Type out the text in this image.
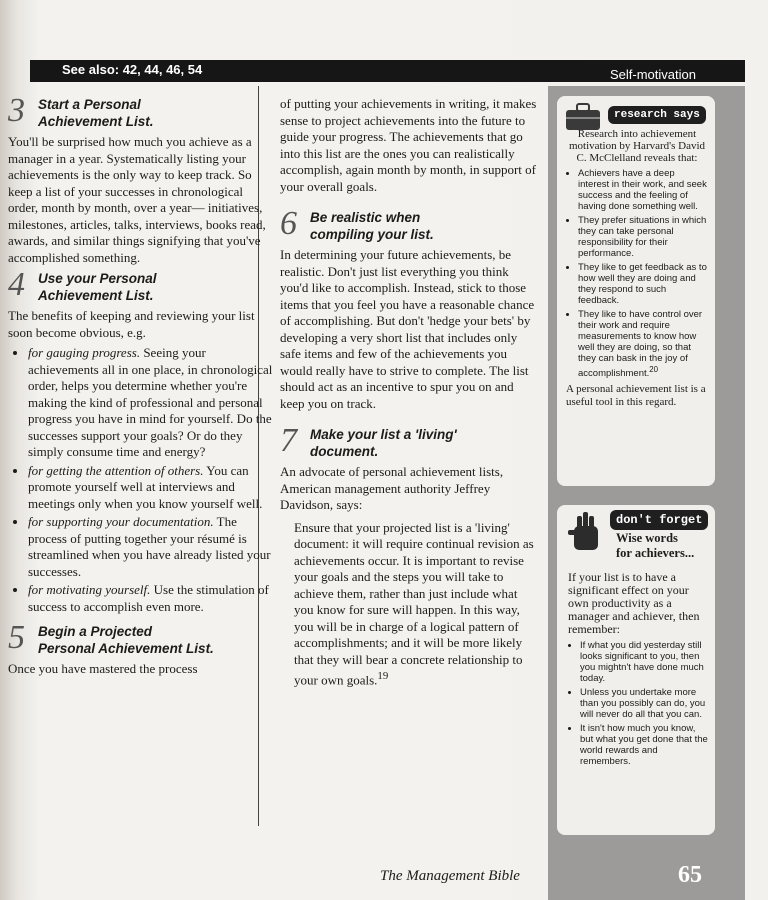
See also: 42, 44, 46, 54	Self-motivation
3 Start a Personal
Achievement List.

You'll be surprised how much you achieve as a manager in a year. Systematically listing your achievements is the only way to keep track. So keep a list of your successes in chronological order, month by month, over a year— initiatives, milestones, articles, talks, interviews, books read, awards, and similar things signifying that you've accomplished something.

4 Use your Personal
Achievement List.

The benefits of keeping and reviewing your list soon become obvious, e.g.

• for gauging progress. Seeing your achievements all in one place, in chronological order, helps you determine whether you're making the kind of professional and personal progress you have in mind for yourself. Do the successes support your goals? Or do they simply consume time and energy?
• for getting the attention of others. You can promote yourself well at interviews and meetings only when you know yourself well.
• for supporting your documentation. The process of putting together your résumé is streamlined when you have already listed your successes.
• for motivating yourself. Use the stimulation of success to accomplish even more.
5 Begin a Projected
Personal Achievement List.

Once you have mastered the process

of putting your achievements in writing, it makes sense to project achievements into the future to guide your progress. The achievements that go into this list are the ones you can realistically accomplish, again month by month, in support of your overall goals.

6 Be realistic when
compiling your list.

In determining your future achievements, be realistic. Don't just list everything you think you'd like to accomplish. Instead, stick to those items that you feel you have a reasonable chance of accomplishing. But don't 'hedge your bets' by developing a very short list that includes only safe items and few of the achievements you would really have to strive to complete. The list should act as an incentive to spur you on and keep you on track.

7 Make your list a 'living'
document.

An advocate of personal achievement lists, American management authority Jeffrey Davidson, says:

Ensure that your projected list is a 'living' document: it will require continual revision as achievements occur. It is important to revise your goals and the steps you will take to achieve them, rather than just include what you know for sure will happen. In this way, you will be in charge of a logical pattern of accomplishments; and it will be more likely that they will bear a concrete relationship to your own goals.$^{19}$

research says
Research into achievement motivation by Harvard's David C. McClelland reveals that:
• Achievers have a deep interest in their work, and seek success and the feeling of having done something well.
• They prefer situations in which they can take personal responsibility for their performance.
• They like to get feedback as to how well they are doing and they respond to such feedback.
• They like to have control over their work and require measurements to know how well they are doing, so that they can bask in the joy of accomplishment.$^{20}$
A personal achievement list is a useful tool in this regard.
don't forget
Wise words
for achievers...
If your list is to have a significant effect on your own productivity as a manager and achiever, then remember:
• If what you did yesterday still looks significant to you, then you mightn't have done much today.
• Unless you undertake more than you possibly can do, you will never do all that you can.
• It isn't how much you know, but what you get done that the world rewards and remembers.
The Management Bible	65
